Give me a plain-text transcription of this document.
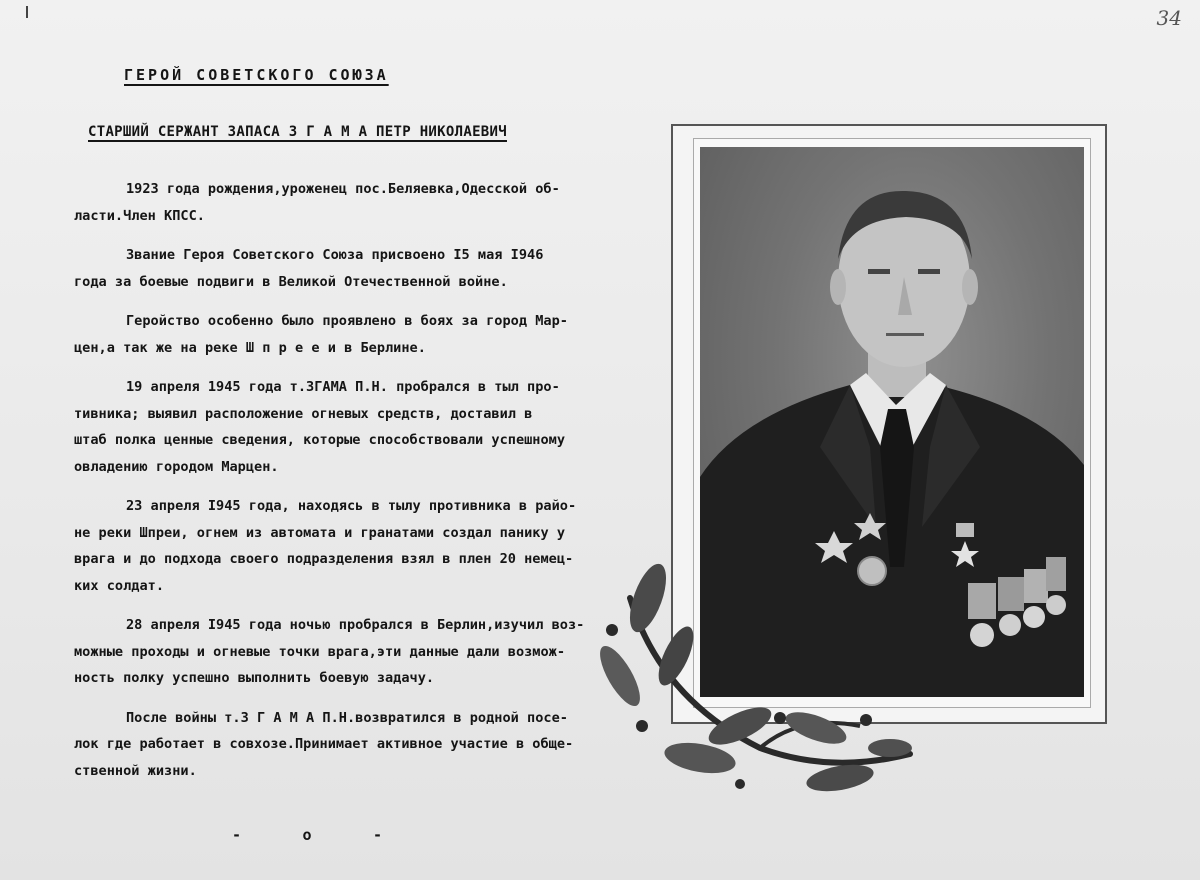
34
ГЕРОЙ СОВЕТСКОГО СОЮЗА
СТАРШИЙ СЕРЖАНТ ЗАПАСА З Г А М А ПЕТР НИКОЛАЕВИЧ

1923 года рождения,уроженец пос.Беляевка,Одесской об-
ласти.Член КПСС.

Звание Героя Советского Союза присвоено I5 мая I946
года за боевые подвиги в Великой Отечественной войне.

Геройство особенно было проявлено в боях за город Мар-
цен,а так же на реке Ш п р е е и в Берлине.

19 апреля 1945 года т.ЗГАМА П.Н. пробрался в тыл про-
тивника; выявил расположение огневых средств, доставил в
штаб полка ценные сведения, которые способствовали успешному
овладению городом Марцен.

23 апреля I945 года, находясь в тылу противника в райо-
не реки Шпреи, огнем из автомата и гранатами создал панику у
врага и до подхода своего подразделения взял в плен 20 немец-
ких солдат.

28 апреля I945 года ночью пробрался в Берлин,изучил воз-
можные проходы и огневые точки врага,эти данные дали возмож-
ность полку успешно выполнить боевую задачу.

После войны т.З Г А М А П.Н.возвратился в родной посе-
лок где работает в совхозе.Принимает активное участие в обще-
ственной жизни.

-	o	-
